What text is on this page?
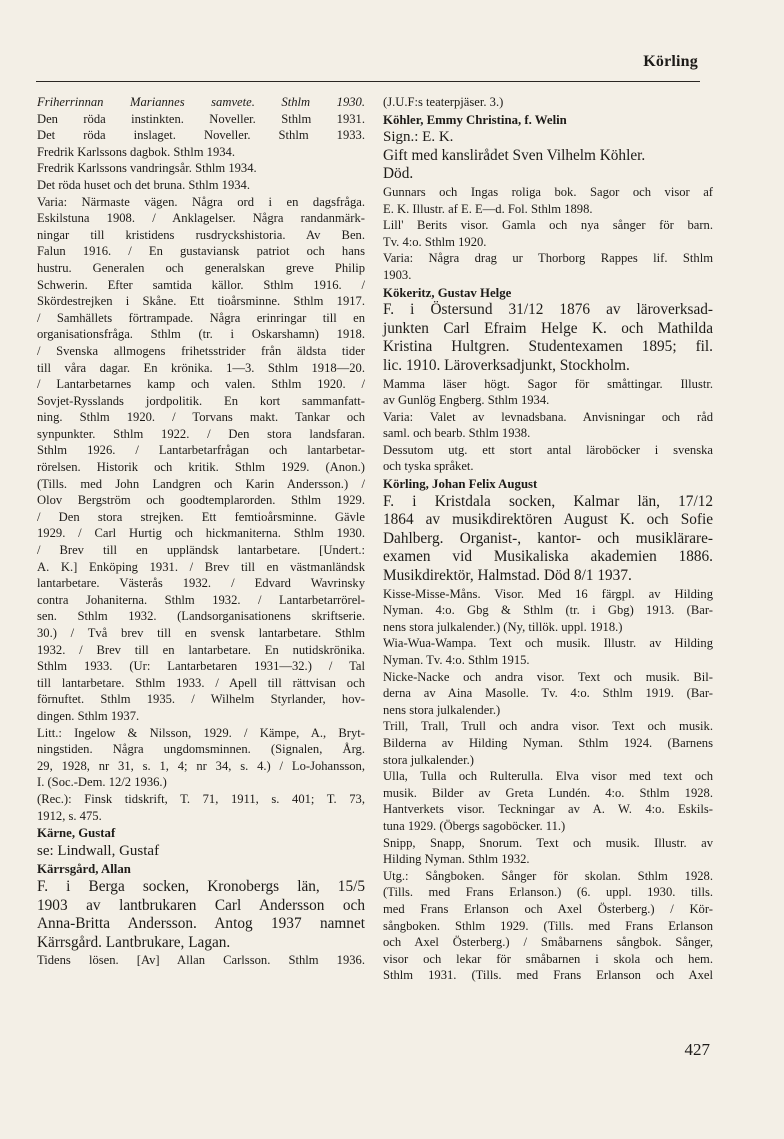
Körling
Friherrinnan Mariannes samvete. Sthlm 1930.
Den röda instinkten. Noveller. Sthlm 1931.
Det röda inslaget. Noveller. Sthlm 1933.
Fredrik Karlssons dagbok. Sthlm 1934.
Fredrik Karlssons vandringsår. Sthlm 1934.
Det röda huset och det bruna. Sthlm 1934.
Varia: Närmaste vägen. Några ord i en dagsfråga.
Eskilstuna 1908. / Anklagelser. Några randanmärk-
ningar till kristidens rusdryckshistoria. Av Ben.
Falun 1916. / En gustaviansk patriot och hans
hustru. Generalen och generalskan greve Philip
Schwerin. Efter samtida källor. Sthlm 1916. /
Skördestrejken i Skåne. Ett tioårsminne. Sthlm 1917.
/ Samhällets förtrampade. Några erinringar till en
organisationsfråga. Sthlm (tr. i Oskarshamn) 1918.
/ Svenska allmogens frihetsstrider från äldsta tider
till våra dagar. En krönika. 1—3. Sthlm 1918—20.
/ Lantarbetarnes kamp och valen. Sthlm 1920. /
Sovjet-Rysslands jordpolitik. En kort sammanfatt-
ning. Sthlm 1920. / Torvans makt. Tankar och
synpunkter. Sthlm 1922. / Den stora landsfaran.
Sthlm 1926. / Lantarbetarfrågan och lantarbetar-
rörelsen. Historik och kritik. Sthlm 1929. (Anon.)
(Tills. med John Landgren och Karin Andersson.) /
Olov Bergström och goodtemplarorden. Sthlm 1929.
/ Den stora strejken. Ett femtioårsminne. Gävle
1929. / Carl Hurtig och hickmaniterna. Sthlm 1930.
/ Brev till en uppländsk lantarbetare. [Undert.:
A. K.] Enköping 1931. / Brev till en västmanländsk
lantarbetare. Västerås 1932. / Edvard Wavrinsky
contra Johaniterna. Sthlm 1932. / Lantarbetarrörel-
sen. Sthlm 1932. (Landsorganisationens skriftserie.
30.) / Två brev till en svensk lantarbetare. Sthlm
1932. / Brev till en lantarbetare. En nutidskrönika.
Sthlm 1933. (Ur: Lantarbetaren 1931—32.) / Tal
till lantarbetare. Sthlm 1933. / Apell till rättvisan och
förnuftet. Sthlm 1935. / Wilhelm Styrlander, hov-
dingen. Sthlm 1937.
Litt.: Ingelow & Nilsson, 1929. / Kämpe, A., Bryt-
ningstiden. Några ungdomsminnen. (Signalen, Årg.
29, 1928, nr 31, s. 1, 4; nr 34, s. 4.) / Lo-Johansson,
I. (Soc.-Dem. 12/2 1936.)
(Rec.): Finsk tidskrift, T. 71, 1911, s. 401; T. 73,
1912, s. 475.
Kärne, Gustaf
se: Lindwall, Gustaf
Kärrsgård, Allan
F. i Berga socken, Kronobergs län, 15/5
1903 av lantbrukaren Carl Andersson och
Anna-Britta Andersson. Antog 1937 namnet
Kärrsgård. Lantbrukare, Lagan.
Tidens lösen. [Av] Allan Carlsson. Sthlm 1936.
(J.U.F:s teaterpjäser. 3.)
Köhler, Emmy Christina, f. Welin
Sign.: E. K.
Gift med kanslirådet Sven Vilhelm Köhler.
Död.
Gunnars och Ingas roliga bok. Sagor och visor af
E. K. Illustr. af E. E—d. Fol. Sthlm 1898.
Lill' Berits visor. Gamla och nya sånger för barn.
Tv. 4:o. Sthlm 1920.
Varia: Några drag ur Thorborg Rappes lif. Sthlm
1903.
Kökeritz, Gustav Helge
F. i Östersund 31/12 1876 av läroverksad-
junkten Carl Efraim Helge K. och Mathilda
Kristina Hultgren. Studentexamen 1895; fil.
lic. 1910. Läroverksadjunkt, Stockholm.
Mamma läser högt. Sagor för småttingar. Illustr.
av Gunlög Engberg. Sthlm 1934.
Varia: Valet av levnadsbana. Anvisningar och råd
saml. och bearb. Sthlm 1938.
Dessutom utg. ett stort antal läroböcker i svenska
och tyska språket.
Körling, Johan Felix August
F. i Kristdala socken, Kalmar län, 17/12
1864 av musikdirektören August K. och Sofie
Dahlberg. Organist-, kantor- och musiklärare-
examen vid Musikaliska akademien 1886.
Musikdirektör, Halmstad. Död 8/1 1937.
Kisse-Misse-Måns. Visor. Med 16 färgpl. av Hilding
Nyman. 4:o. Gbg & Sthlm (tr. i Gbg) 1913. (Bar-
nens stora julkalender.) (Ny, tillök. uppl. 1918.)
Wia-Wua-Wampa. Text och musik. Illustr. av Hilding
Nyman. Tv. 4:o. Sthlm 1915.
Nicke-Nacke och andra visor. Text och musik. Bil-
derna av Aina Masolle. Tv. 4:o. Sthlm 1919. (Bar-
nens stora julkalender.)
Trill, Trall, Trull och andra visor. Text och musik.
Bilderna av Hilding Nyman. Sthlm 1924. (Barnens
stora julkalender.)
Ulla, Tulla och Rulterulla. Elva visor med text och
musik. Bilder av Greta Lundén. 4:o. Sthlm 1928.
Hantverkets visor. Teckningar av A. W. 4:o. Eskils-
tuna 1929. (Öbergs sagoböcker. 11.)
Snipp, Snapp, Snorum. Text och musik. Illustr. av
Hilding Nyman. Sthlm 1932.
Utg.: Sångboken. Sånger för skolan. Sthlm 1928.
(Tills. med Frans Erlanson.) (6. uppl. 1930. tills.
med Frans Erlanson och Axel Österberg.) / Kör-
sångboken. Sthlm 1929. (Tills. med Frans Erlanson
och Axel Österberg.) / Småbarnens sångbok. Sånger,
visor och lekar för småbarnen i skola och hem.
Sthlm 1931. (Tills. med Frans Erlanson och Axel
427
